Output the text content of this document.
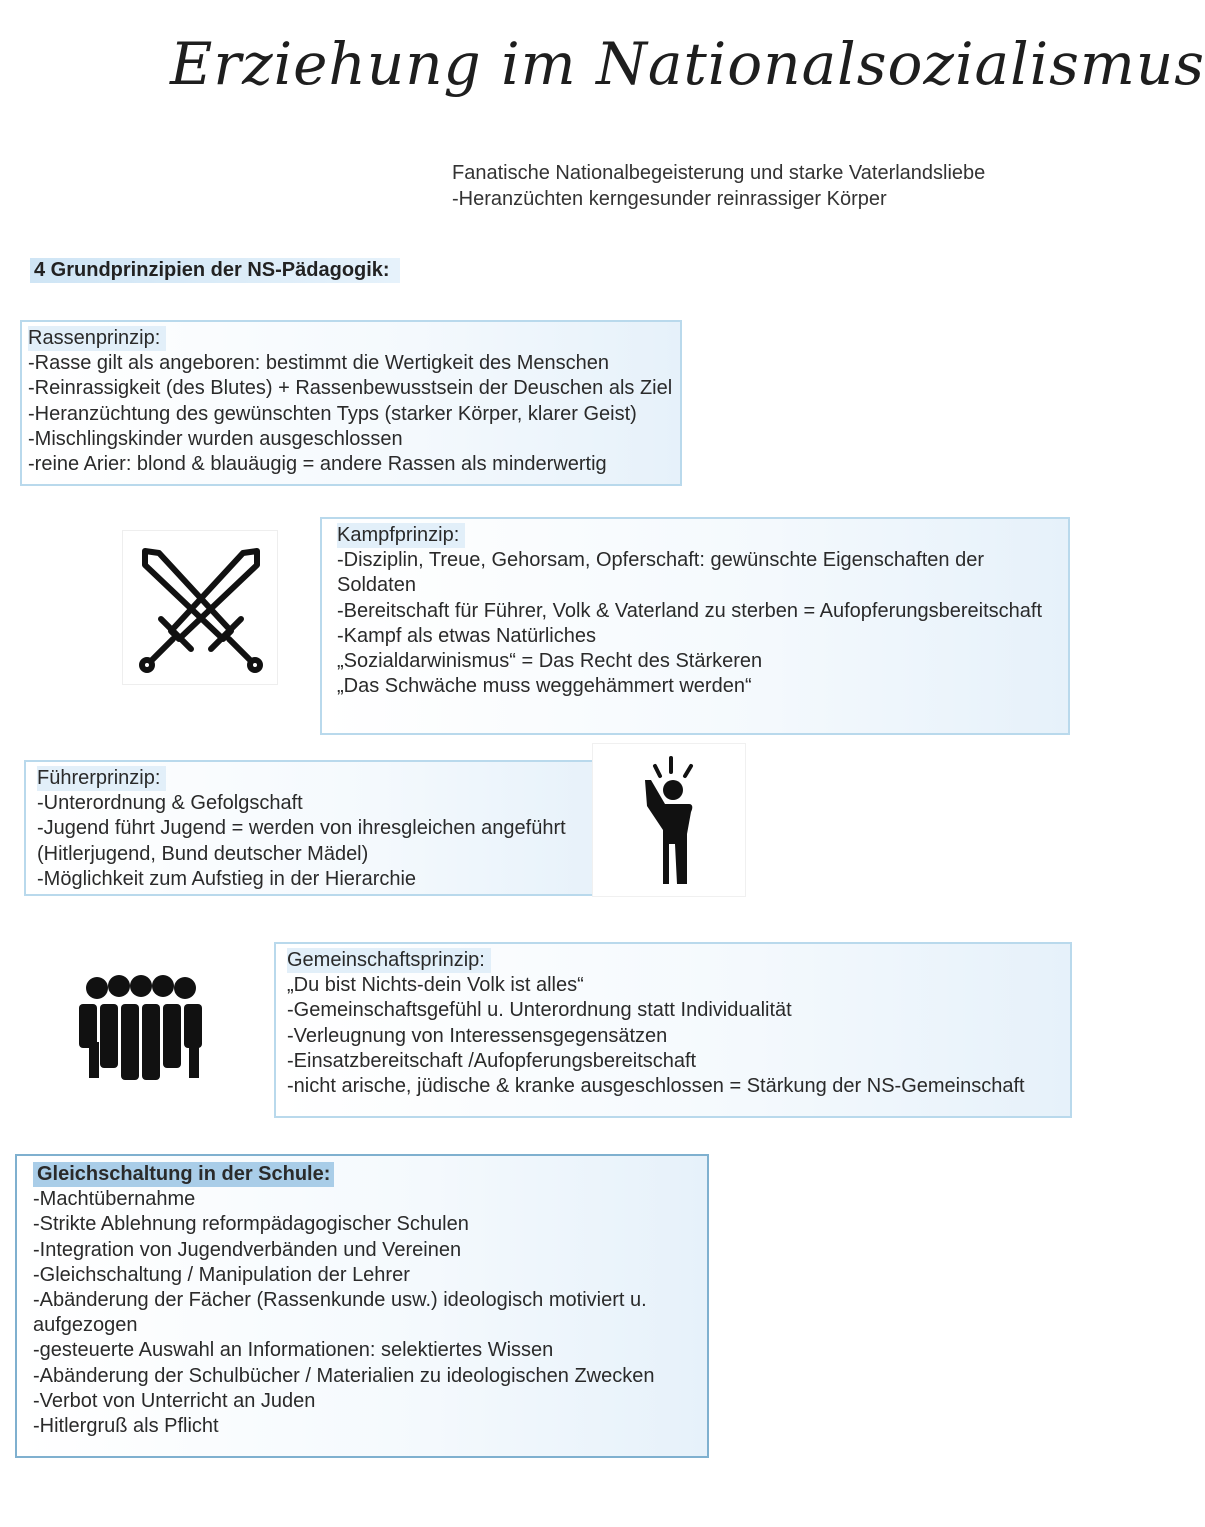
Erziehung im Nationalsozialismus
Fanatische Nationalbegeisterung und starke Vaterlandsliebe
-Heranzüchten kerngesunder reinrassiger Körper
4 Grundprinzipien der NS-Pädagogik:
Rassenprinzip:
-Rasse gilt als angeboren: bestimmt die Wertigkeit des Menschen
-Reinrassigkeit (des Blutes) + Rassenbewusstsein der Deuschen als Ziel
-Heranzüchtung des gewünschten Typs (starker Körper, klarer Geist)
-Mischlingskinder wurden ausgeschlossen
-reine Arier: blond & blauäugig = andere Rassen als minderwertig
Kampfprinzip:
-Disziplin, Treue, Gehorsam, Opferschaft: gewünschte Eigenschaften der
Soldaten
-Bereitschaft für Führer, Volk & Vaterland zu sterben = Aufopferungsbereitschaft
-Kampf als etwas Natürliches
„Sozialdarwinismus“ = Das Recht des Stärkeren
„Das Schwäche muss weggehämmert werden“
Führerprinzip:
-Unterordnung & Gefolgschaft
-Jugend führt Jugend = werden von ihresgleichen angeführt
(Hitlerjugend, Bund deutscher Mädel)
-Möglichkeit zum Aufstieg in der Hierarchie
Gemeinschaftsprinzip:
„Du bist Nichts-dein Volk ist alles“
-Gemeinschaftsgefühl u. Unterordnung statt Individualität
-Verleugnung von Interessensgegensätzen
-Einsatzbereitschaft /Aufopferungsbereitschaft
-nicht arische, jüdische & kranke ausgeschlossen = Stärkung der NS-Gemeinschaft
Gleichschaltung in der Schule:
-Machtübernahme
-Strikte Ablehnung reformpädagogischer Schulen
-Integration von Jugendverbänden und Vereinen
-Gleichschaltung / Manipulation der Lehrer
-Abänderung der Fächer (Rassenkunde usw.) ideologisch motiviert u. aufgezogen
-gesteuerte Auswahl an Informationen: selektiertes Wissen
-Abänderung der Schulbücher / Materialien zu ideologischen Zwecken
-Verbot von Unterricht an Juden
-Hitlergruß als Pflicht
